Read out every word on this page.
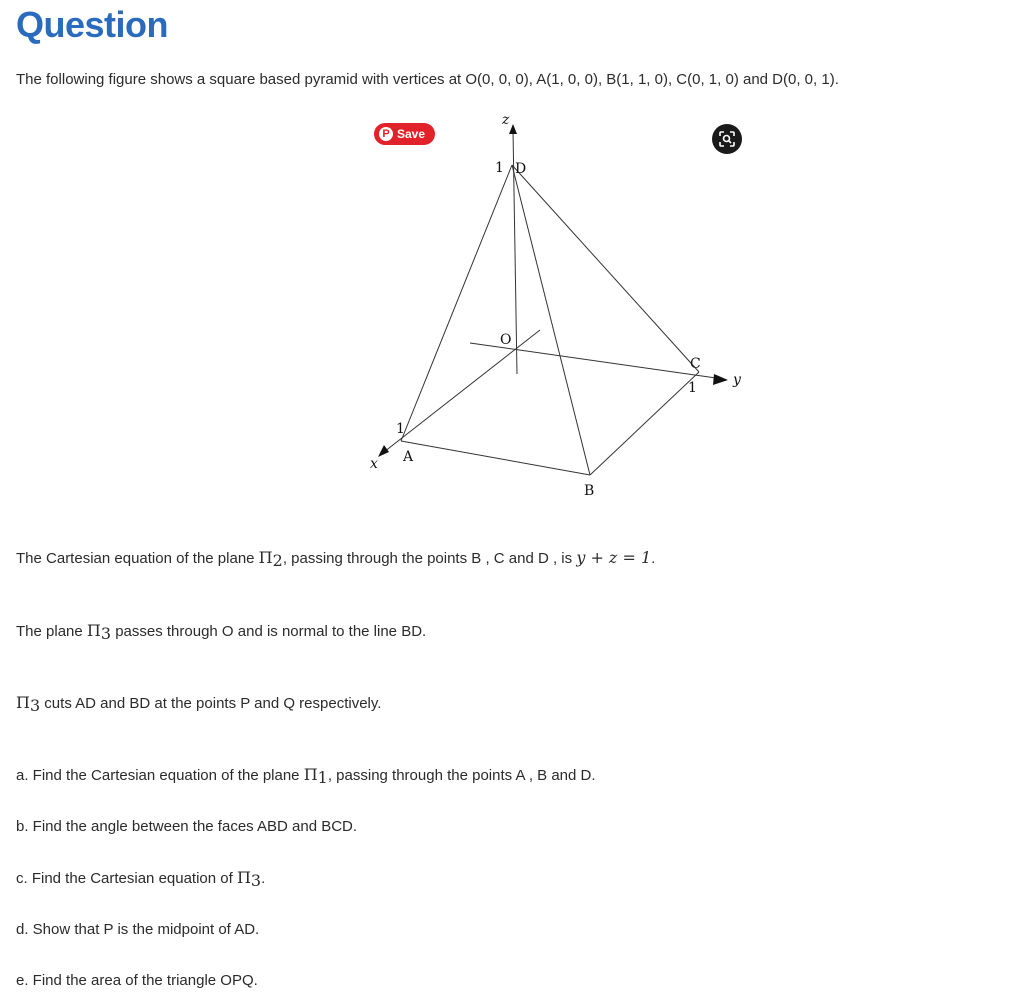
Question

The following figure shows a square based pyramid with vertices at O(0, 0, 0), A(1, 0, 0), B(1, 1, 0), C(0, 1, 0) and D(0, 0, 1).

z
1 D
O
C
1	y
1
A
x
B
P Save

The Cartesian equation of the plane $\Pi_2$, passing through the points B , C and D , is y + z = 1.

The plane $\Pi_3$ passes through O and is normal to the line BD.

$\Pi_3$ cuts AD and BD at the points P and Q respectively.

a. Find the Cartesian equation of the plane $\Pi_1$, passing through the points A , B and D.

b. Find the angle between the faces ABD and BCD.

c. Find the Cartesian equation of $\Pi_3$.

d. Show that P is the midpoint of AD.

e. Find the area of the triangle OPQ.
